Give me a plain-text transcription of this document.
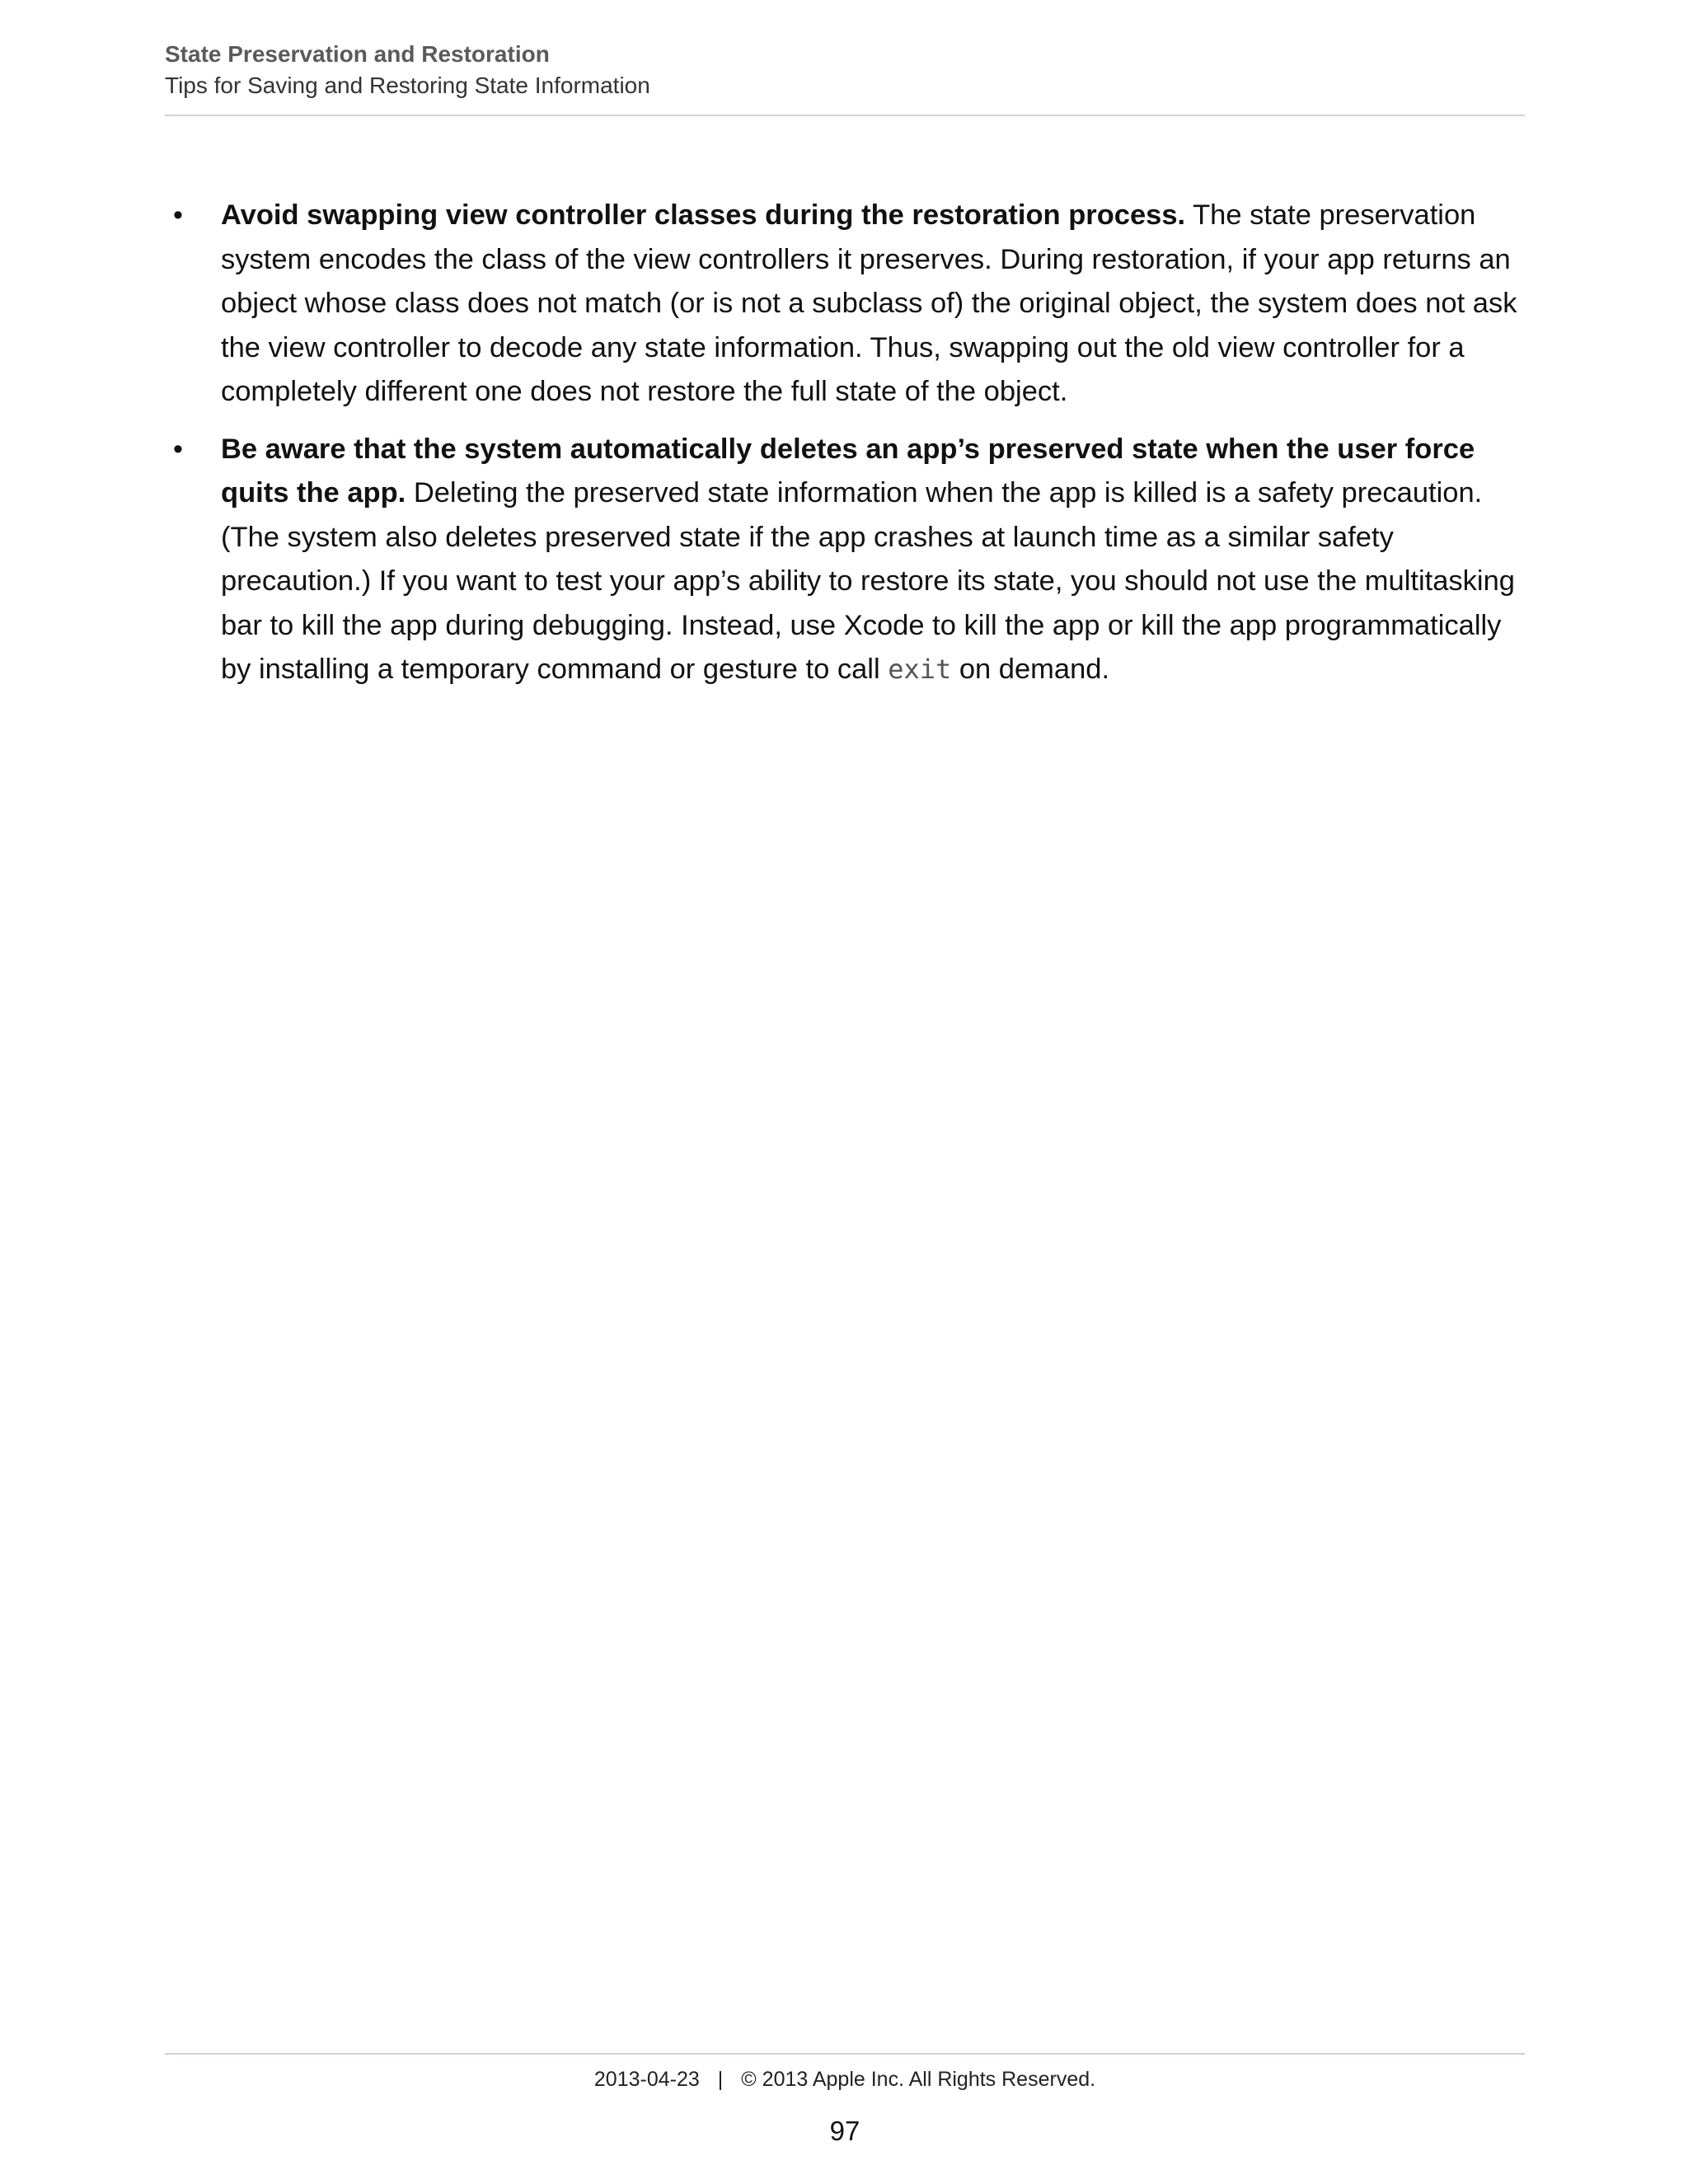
State Preservation and Restoration
Tips for Saving and Restoring State Information
• Avoid swapping view controller classes during the restoration process. The state preservation system encodes the class of the view controllers it preserves. During restoration, if your app returns an object whose class does not match (or is not a subclass of) the original object, the system does not ask the view controller to decode any state information. Thus, swapping out the old view controller for a completely different one does not restore the full state of the object.
• Be aware that the system automatically deletes an app’s preserved state when the user force quits the app. Deleting the preserved state information when the app is killed is a safety precaution. (The system also deletes preserved state if the app crashes at launch time as a similar safety precaution.) If you want to test your app’s ability to restore its state, you should not use the multitasking bar to kill the app during debugging. Instead, use Xcode to kill the app or kill the app programmatically by installing a temporary command or gesture to call exit on demand.
2013-04-23 | © 2013 Apple Inc. All Rights Reserved.
97
